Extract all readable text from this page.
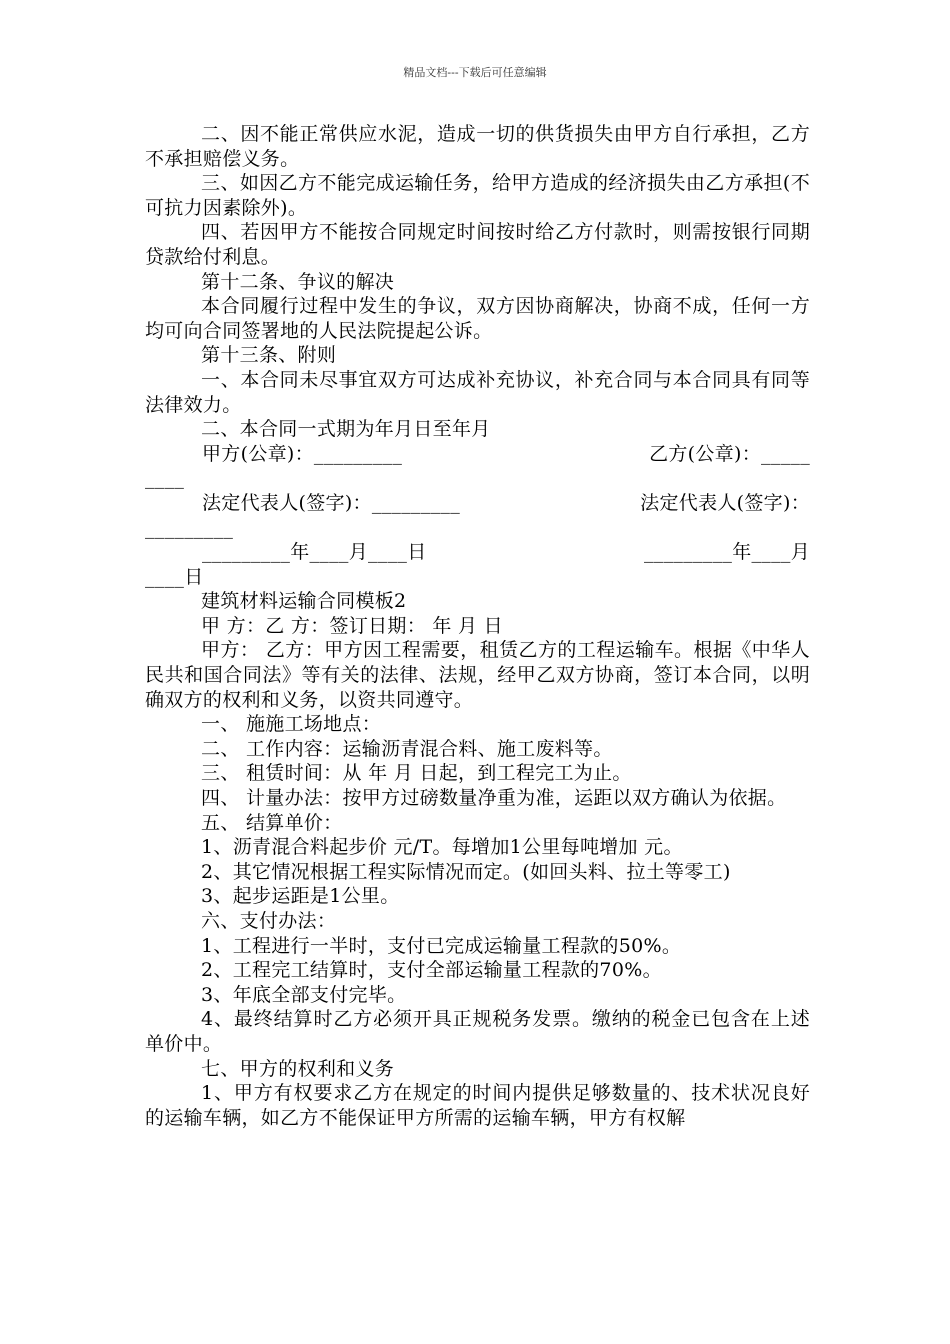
精品文档---下载后可任意编辑

二、因不能正常供应水泥，造成一切的供货损失由甲方自行承担，乙方不承担赔偿义务。

三、如因乙方不能完成运输任务，给甲方造成的经济损失由乙方承担(不可抗力因素除外)。

四、若因甲方不能按合同规定时间按时给乙方付款时，则需按银行同期贷款给付利息。

第十二条、争议的解决

本合同履行过程中发生的争议，双方因协商解决，协商不成，任何一方均可向合同签署地的人民法院提起公诉。

第十三条、附则

一、本合同未尽事宜双方可达成补充协议，补充合同与本合同具有同等法律效力。

二、本合同一式期为年月日至年月

甲方(公章)：_________	乙方(公章)：_____

____

法定代表人(签字)：_________	法定代表人(签字)：

_________

_________年____月____日	_________年____月

____日

建筑材料运输合同模板2

甲 方：乙 方：签订日期： 年 月 日

甲方： 乙方：甲方因工程需要，租赁乙方的工程运输车。根据《中华人民共和国合同法》等有关的法律、法规，经甲乙双方协商，签订本合同，以明确双方的权利和义务，以资共同遵守。

一、 施施工场地点：

二、 工作内容：运输沥青混合料、施工废料等。

三、 租赁时间：从 年 月 日起，到工程完工为止。

四、 计量办法：按甲方过磅数量净重为准，运距以双方确认为依据。

五、 结算单价：

1、沥青混合料起步价 元/T。每增加1公里每吨增加 元。

2、其它情况根据工程实际情况而定。(如回头料、拉土等零工)

3、起步运距是1公里。

六、支付办法：

1、工程进行一半时，支付已完成运输量工程款的50%。

2、工程完工结算时，支付全部运输量工程款的70%。

3、年底全部支付完毕。

4、最终结算时乙方必须开具正规税务发票。缴纳的税金已包含在上述单价中。

七、甲方的权利和义务

1、甲方有权要求乙方在规定的时间内提供足够数量的、技术状况良好的运输车辆，如乙方不能保证甲方所需的运输车辆，甲方有权解
